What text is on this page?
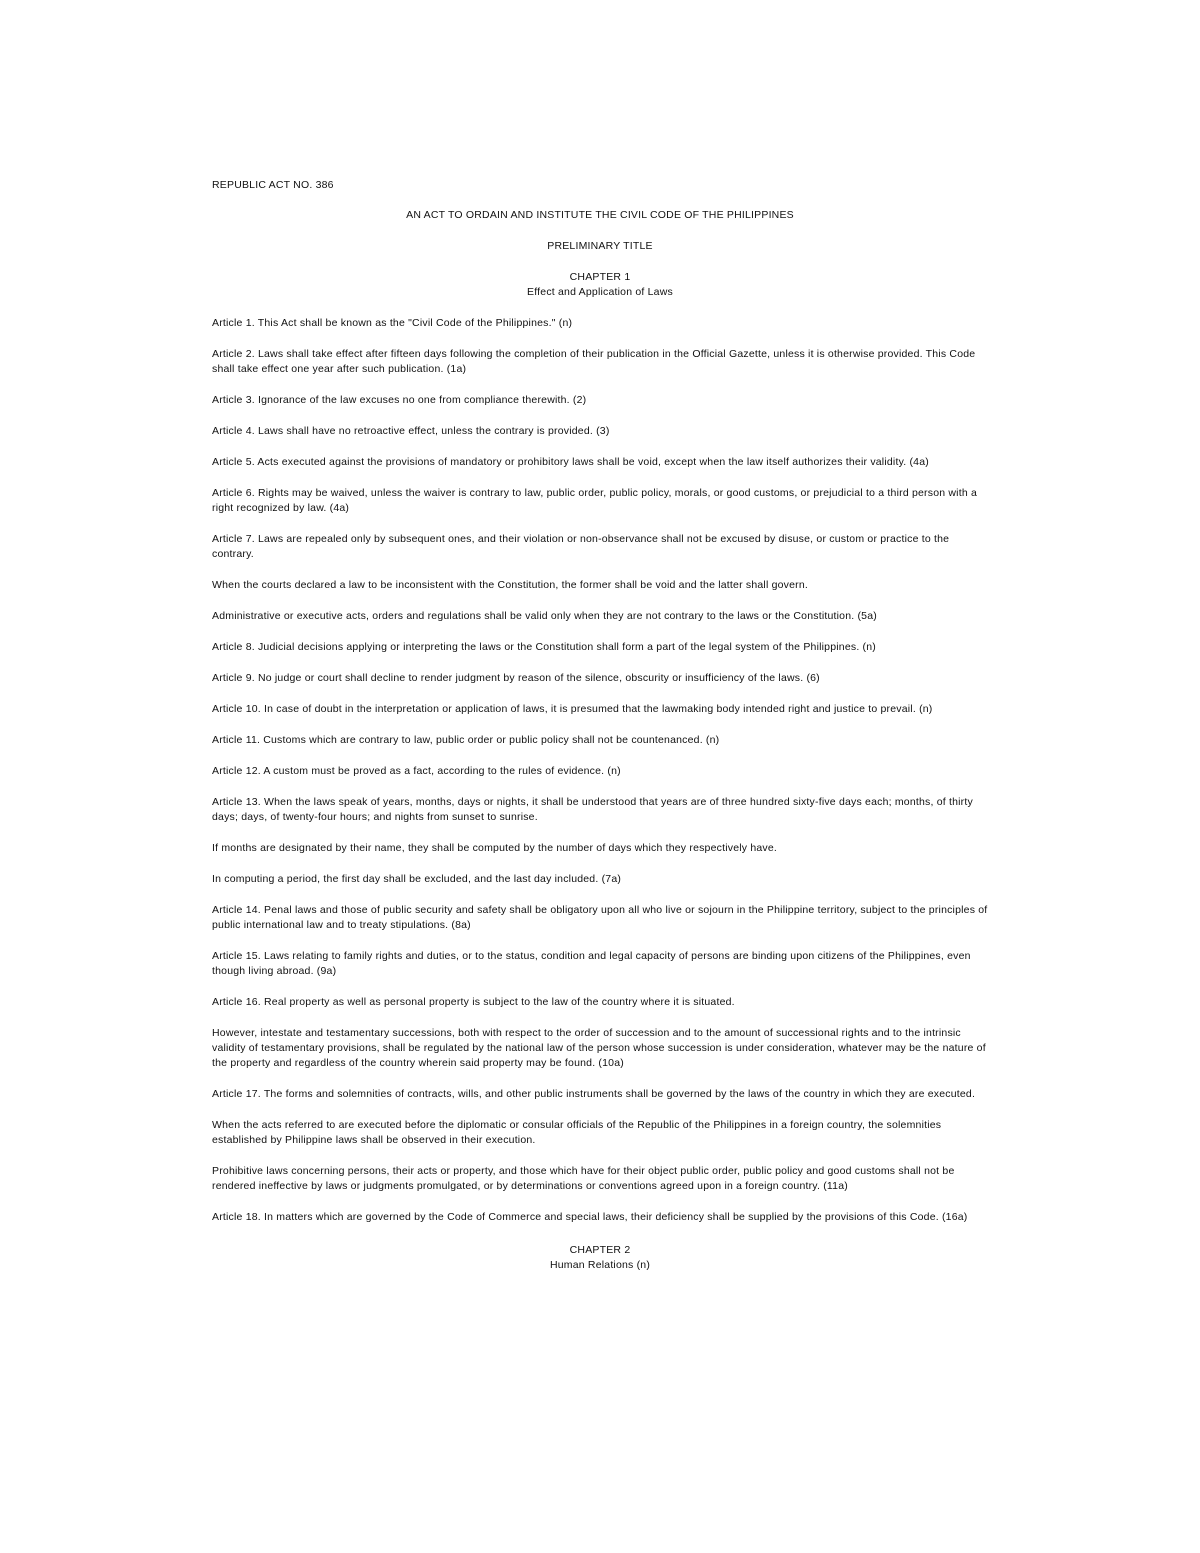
REPUBLIC ACT NO. 386
AN ACT TO ORDAIN AND INSTITUTE THE CIVIL CODE OF THE PHILIPPINES
PRELIMINARY TITLE
CHAPTER 1
Effect and Application of Laws

Article 1. This Act shall be known as the "Civil Code of the Philippines." (n)

Article 2. Laws shall take effect after fifteen days following the completion of their publication in the Official Gazette, unless it is otherwise provided. This Code shall take effect one year after such publication. (1a)

Article 3. Ignorance of the law excuses no one from compliance therewith. (2)

Article 4. Laws shall have no retroactive effect, unless the contrary is provided. (3)

Article 5. Acts executed against the provisions of mandatory or prohibitory laws shall be void, except when the law itself authorizes their validity. (4a)

Article 6. Rights may be waived, unless the waiver is contrary to law, public order, public policy, morals, or good customs, or prejudicial to a third person with a right recognized by law. (4a)

Article 7. Laws are repealed only by subsequent ones, and their violation or non-observance shall not be excused by disuse, or custom or practice to the contrary.

When the courts declared a law to be inconsistent with the Constitution, the former shall be void and the latter shall govern.

Administrative or executive acts, orders and regulations shall be valid only when they are not contrary to the laws or the Constitution. (5a)

Article 8. Judicial decisions applying or interpreting the laws or the Constitution shall form a part of the legal system of the Philippines. (n)

Article 9. No judge or court shall decline to render judgment by reason of the silence, obscurity or insufficiency of the laws. (6)

Article 10. In case of doubt in the interpretation or application of laws, it is presumed that the lawmaking body intended right and justice to prevail. (n)

Article 11. Customs which are contrary to law, public order or public policy shall not be countenanced. (n)

Article 12. A custom must be proved as a fact, according to the rules of evidence. (n)

Article 13. When the laws speak of years, months, days or nights, it shall be understood that years are of three hundred sixty-five days each; months, of thirty days; days, of twenty-four hours; and nights from sunset to sunrise.

If months are designated by their name, they shall be computed by the number of days which they respectively have.

In computing a period, the first day shall be excluded, and the last day included. (7a)

Article 14. Penal laws and those of public security and safety shall be obligatory upon all who live or sojourn in the Philippine territory, subject to the principles of public international law and to treaty stipulations. (8a)

Article 15. Laws relating to family rights and duties, or to the status, condition and legal capacity of persons are binding upon citizens of the Philippines, even though living abroad. (9a)

Article 16. Real property as well as personal property is subject to the law of the country where it is situated.

However, intestate and testamentary successions, both with respect to the order of succession and to the amount of successional rights and to the intrinsic validity of testamentary provisions, shall be regulated by the national law of the person whose succession is under consideration, whatever may be the nature of the property and regardless of the country wherein said property may be found. (10a)

Article 17. The forms and solemnities of contracts, wills, and other public instruments shall be governed by the laws of the country in which they are executed.

When the acts referred to are executed before the diplomatic or consular officials of the Republic of the Philippines in a foreign country, the solemnities established by Philippine laws shall be observed in their execution.

Prohibitive laws concerning persons, their acts or property, and those which have for their object public order, public policy and good customs shall not be rendered ineffective by laws or judgments promulgated, or by determinations or conventions agreed upon in a foreign country. (11a)

Article 18. In matters which are governed by the Code of Commerce and special laws, their deficiency shall be supplied by the provisions of this Code. (16a)

CHAPTER 2
Human Relations (n)
